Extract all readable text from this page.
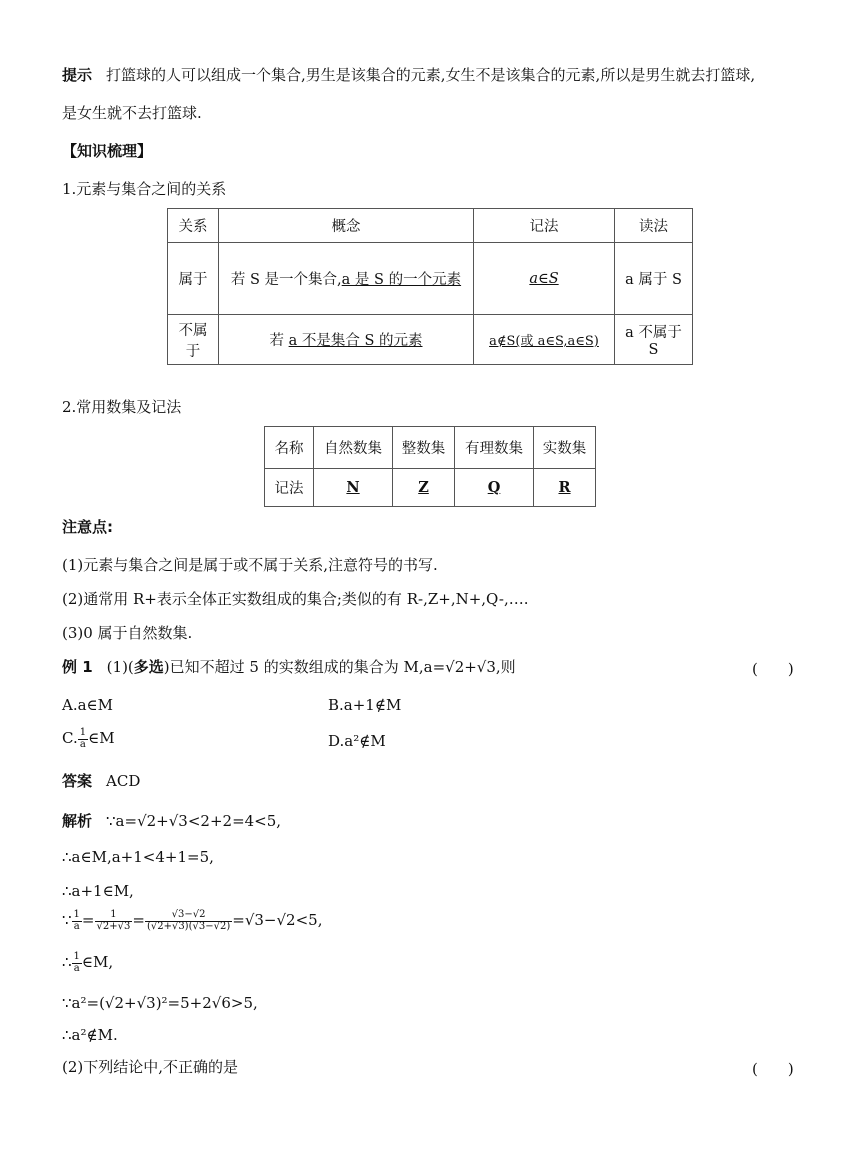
提示 打篮球的人可以组成一个集合,男生是该集合的元素,女生不是该集合的元素,所以是男生就去打篮球,
是女生就不去打篮球.
【知识梳理】
1.元素与集合之间的关系
关系	概念	记法	读法
属于	若 S 是一个集合,a 是 S 的一个元素	a∈S	a 属于 S
不属于	若 a 不是集合 S 的元素	a∉S(或 a∈S,a∈S)	a 不属于 S
2.常用数集及记法
名称	自然数集	整数集	有理数集	实数集
记法	N	Z	Q	R
注意点:
(1)元素与集合之间是属于或不属于关系,注意符号的书写.
(2)通常用 R+表示全体正实数组成的集合;类似的有 R-,Z+,N+,Q-,….
(3)0 属于自然数集.
例 1 (1)(多选)已知不超过 5 的实数组成的集合为 M,a=√2+√3,则	(　　)
A.a∈M	B.a+1∉M
C. $\frac{1}{a}$ ∈M	D.a²∉M
答案 ACD
解析 ∵a=√2+√3<2+2=4<5,
∴a∈M,a+1<4+1=5,
∴a+1∈M,
∵ $\frac{1}{a} = \frac{1}{√2+√3} = \frac{√3-√2}{(√2+√3)(√3-√2)} =√3-√2<5$,
∴ $\frac{1}{a}$ ∈M,
∵a²=(√2+√3)²=5+2√6>5,
∴a²∉M.
(2)下列结论中,不正确的是	(　　)
